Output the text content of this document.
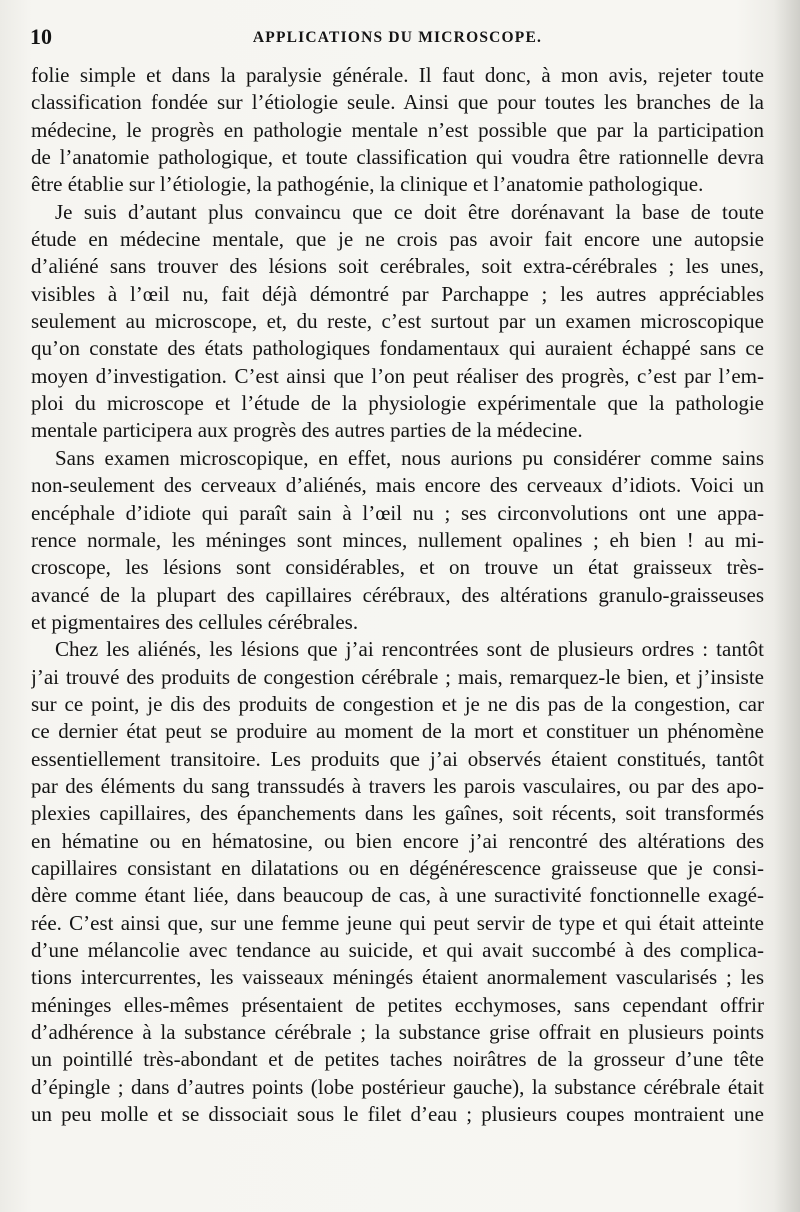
10	APPLICATIONS DU MICROSCOPE.

folie simple et dans la paralysie générale. Il faut donc, à mon avis, rejeter toute
classification fondée sur l’étiologie seule. Ainsi que pour toutes les branches de la
médecine, le progrès en pathologie mentale n’est possible que par la participation
de l’anatomie pathologique, et toute classification qui voudra être rationnelle devra
être établie sur l’étiologie, la pathogénie, la clinique et l’anatomie pathologique.

Je suis d’autant plus convaincu que ce doit être dorénavant la base de toute
étude en médecine mentale, que je ne crois pas avoir fait encore une autopsie
d’aliéné sans trouver des lésions soit cerébrales, soit extra-cérébrales ; les unes,
visibles à l’œil nu, fait déjà démontré par Parchappe ; les autres appréciables
seulement au microscope, et, du reste, c’est surtout par un examen microscopique
qu’on constate des états pathologiques fondamentaux qui auraient échappé sans ce
moyen d’investigation. C’est ainsi que l’on peut réaliser des progrès, c’est par l’em-
ploi du microscope et l’étude de la physiologie expérimentale que la pathologie
mentale participera aux progrès des autres parties de la médecine.

Sans examen microscopique, en effet, nous aurions pu considérer comme sains
non-seulement des cerveaux d’aliénés, mais encore des cerveaux d’idiots. Voici un
encéphale d’idiote qui paraît sain à l’œil nu ; ses circonvolutions ont une appa-
rence normale, les méninges sont minces, nullement opalines ; eh bien ! au mi-
croscope, les lésions sont considérables, et on trouve un état graisseux très-
avancé de la plupart des capillaires cérébraux, des altérations granulo-graisseuses
et pigmentaires des cellules cérébrales.

Chez les aliénés, les lésions que j’ai rencontrées sont de plusieurs ordres : tantôt
j’ai trouvé des produits de congestion cérébrale ; mais, remarquez-le bien, et j’insiste
sur ce point, je dis des produits de congestion et je ne dis pas de la congestion, car
ce dernier état peut se produire au moment de la mort et constituer un phénomène
essentiellement transitoire. Les produits que j’ai observés étaient constitués, tantôt
par des éléments du sang transsudés à travers les parois vasculaires, ou par des apo-
plexies capillaires, des épanchements dans les gaînes, soit récents, soit transformés
en hématine ou en hématosine, ou bien encore j’ai rencontré des altérations des
capillaires consistant en dilatations ou en dégénérescence graisseuse que je consi-
dère comme étant liée, dans beaucoup de cas, à une suractivité fonctionnelle exagé-
rée. C’est ainsi que, sur une femme jeune qui peut servir de type et qui était atteinte
d’une mélancolie avec tendance au suicide, et qui avait succombé à des complica-
tions intercurrentes, les vaisseaux méningés étaient anormalement vascularisés ; les
méninges elles-mêmes présentaient de petites ecchymoses, sans cependant offrir
d’adhérence à la substance cérébrale ; la substance grise offrait en plusieurs points
un pointillé très-abondant et de petites taches noirâtres de la grosseur d’une tête
d’épingle ; dans d’autres points (lobe postérieur gauche), la substance cérébrale était
un peu molle et se dissociait sous le filet d’eau ; plusieurs coupes montraient une
